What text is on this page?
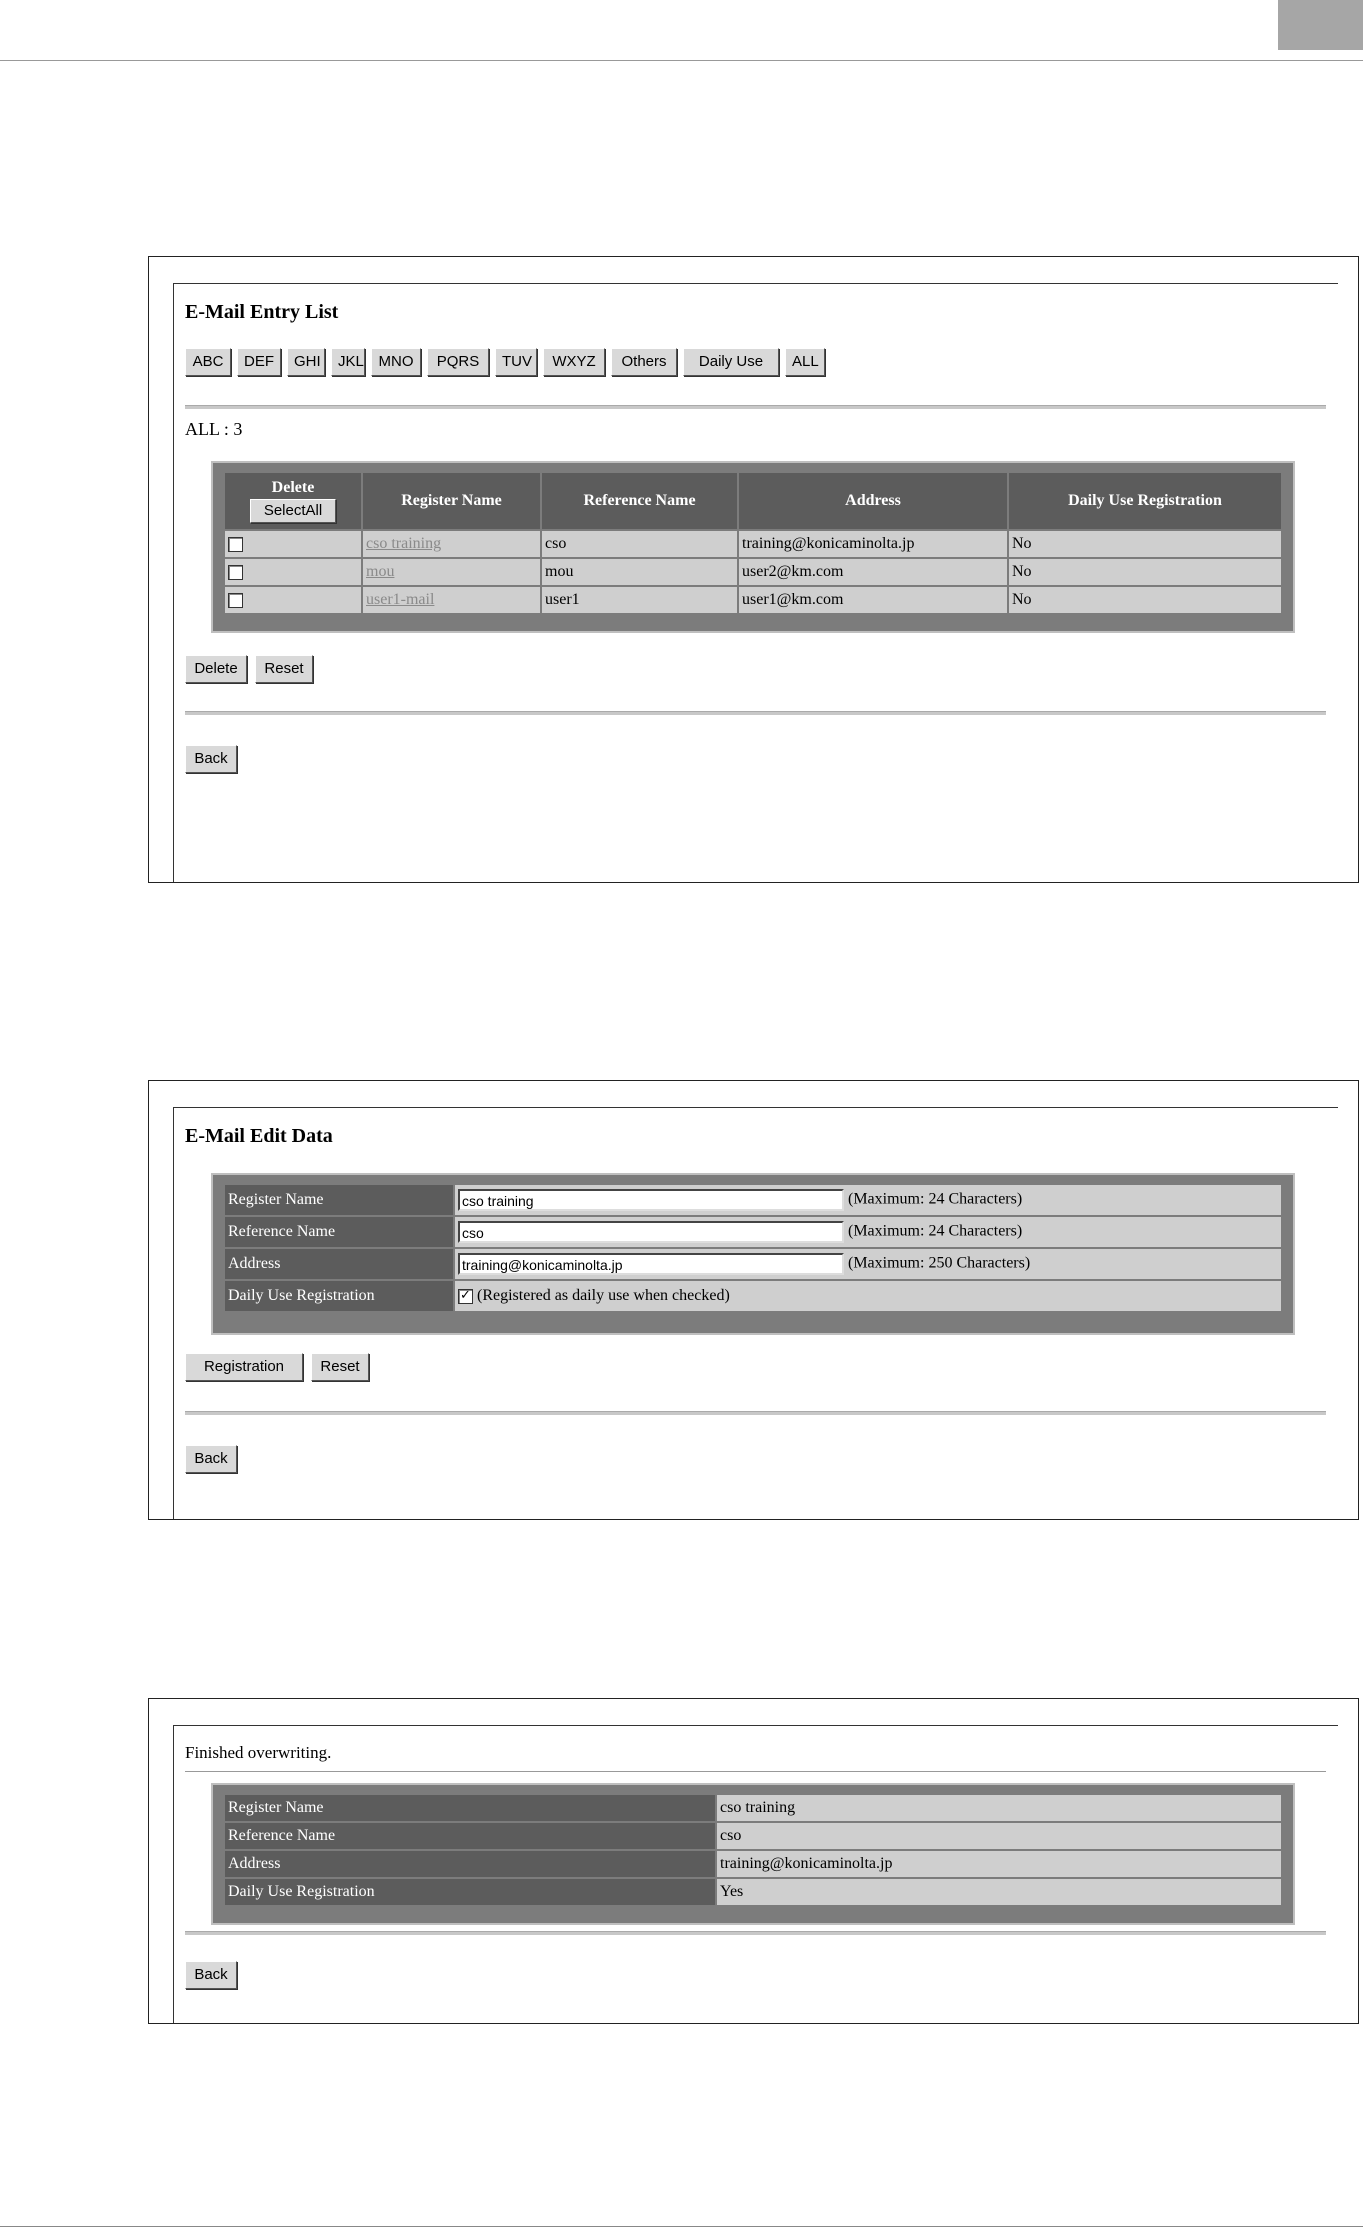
E-Mail Entry List
ABC	DEF	GHI	JKL MNO	PQRS	TUV	WXYZ	Others	Daily Use	ALL
ALL : 3
Delete
SelectAll	Register Name	Reference Name	Address	Daily Use Registration
	cso training	cso	training@konicaminolta.jp	No
	mou	mou	user2@km.com	No
	user1-mail	user1	user1@km.com	No
Delete	Reset
Back
E-Mail Edit Data
Register Name	cso training (Maximum: 24 Characters)
Reference Name	cso (Maximum: 24 Characters)
Address	training@konicaminolta.jp (Maximum: 250 Characters)
Daily Use Registration	✓(Registered as daily use when checked)
Registration	Reset
Back
Finished overwriting.
Register Name	cso training
Reference Name	cso
Address	training@konicaminolta.jp
Daily Use Registration	Yes
Back
